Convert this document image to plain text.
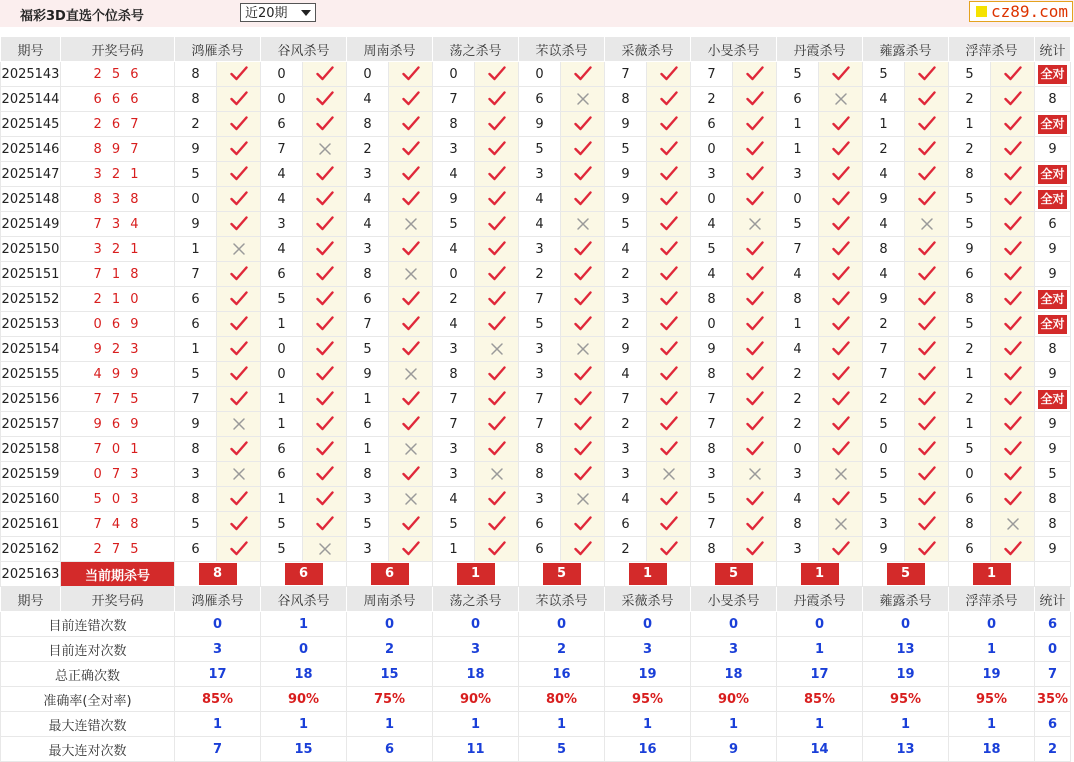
福彩3D直选个位杀号	近20期	cz89.com
期号	开奖号码	鸿雁杀号		谷风杀号		周南杀号		荡之杀号		芣苡杀号		采薇杀号		小旻杀号		丹霞杀号		蕹露杀号		浮萍杀号		统计
2025143	2 5 6	8		0		0		0		0		7		7		5		5		5		全对
2025144	6 6 6	8		0		4		7		6		8		2		6		4		2		8
2025145	2 6 7	2		6		8		8		9		9		6		1		1		1		全对
2025146	8 9 7	9		7		2		3		5		5		0		1		2		2		9
2025147	3 2 1	5		4		3		4		3		9		3		3		4		8		全对
2025148	8 3 8	0		4		4		9		4		9		0		0		9		5		全对
2025149	7 3 4	9		3		4		5		4		5		4		5		4		5		6
2025150	3 2 1	1		4		3		4		3		4		5		7		8		9		9
2025151	7 1 8	7		6		8		0		2		2		4		4		4		6		9
2025152	2 1 0	6		5		6		2		7		3		8		8		9		8		全对
2025153	0 6 9	6		1		7		4		5		2		0		1		2		5		全对
2025154	9 2 3	1		0		5		3		3		9		9		4		7		2		8
2025155	4 9 9	5		0		9		8		3		4		8		2		7		1		9
2025156	7 7 5	7		1		1		7		7		7		7		2		2		2		全对
2025157	9 6 9	9		1		6		7		7		2		7		2		5		1		9
2025158	7 0 1	8		6		1		3		8		3		8		0		0		5		9
2025159	0 7 3	3		6		8		3		8		3		3		3		5		0		5
2025160	5 0 3	8		1		3		4		3		4		5		4		5		6		8
2025161	7 4 8	5		5		5		5		6		6		7		8		3		8		8
2025162	2 7 5	6		5		3		1		6		2		8		3		9		6		9
2025163	当前期杀号	8		6		6		1		5		1		5		1		5		1		
期号	开奖号码	鸿雁杀号		谷风杀号		周南杀号		荡之杀号		芣苡杀号		采薇杀号		小旻杀号		丹霞杀号		蕹露杀号		浮萍杀号		统计
目前连错次数		0		1		0		0		0		0		0		0		0		0		6
目前连对次数		3		0		2		3		2		3		3		1		13		1		0
总正确次数		17		18		15		18		16		19		18		17		19		19		7
准确率(全对率)		85%		90%		75%		90%		80%		95%		90%		85%		95%		95%		35%
最大连错次数		1		1		1		1		1		1		1		1		1		1		6
最大连对次数		7		15		6		11		5		16		9		14		13		18		2
